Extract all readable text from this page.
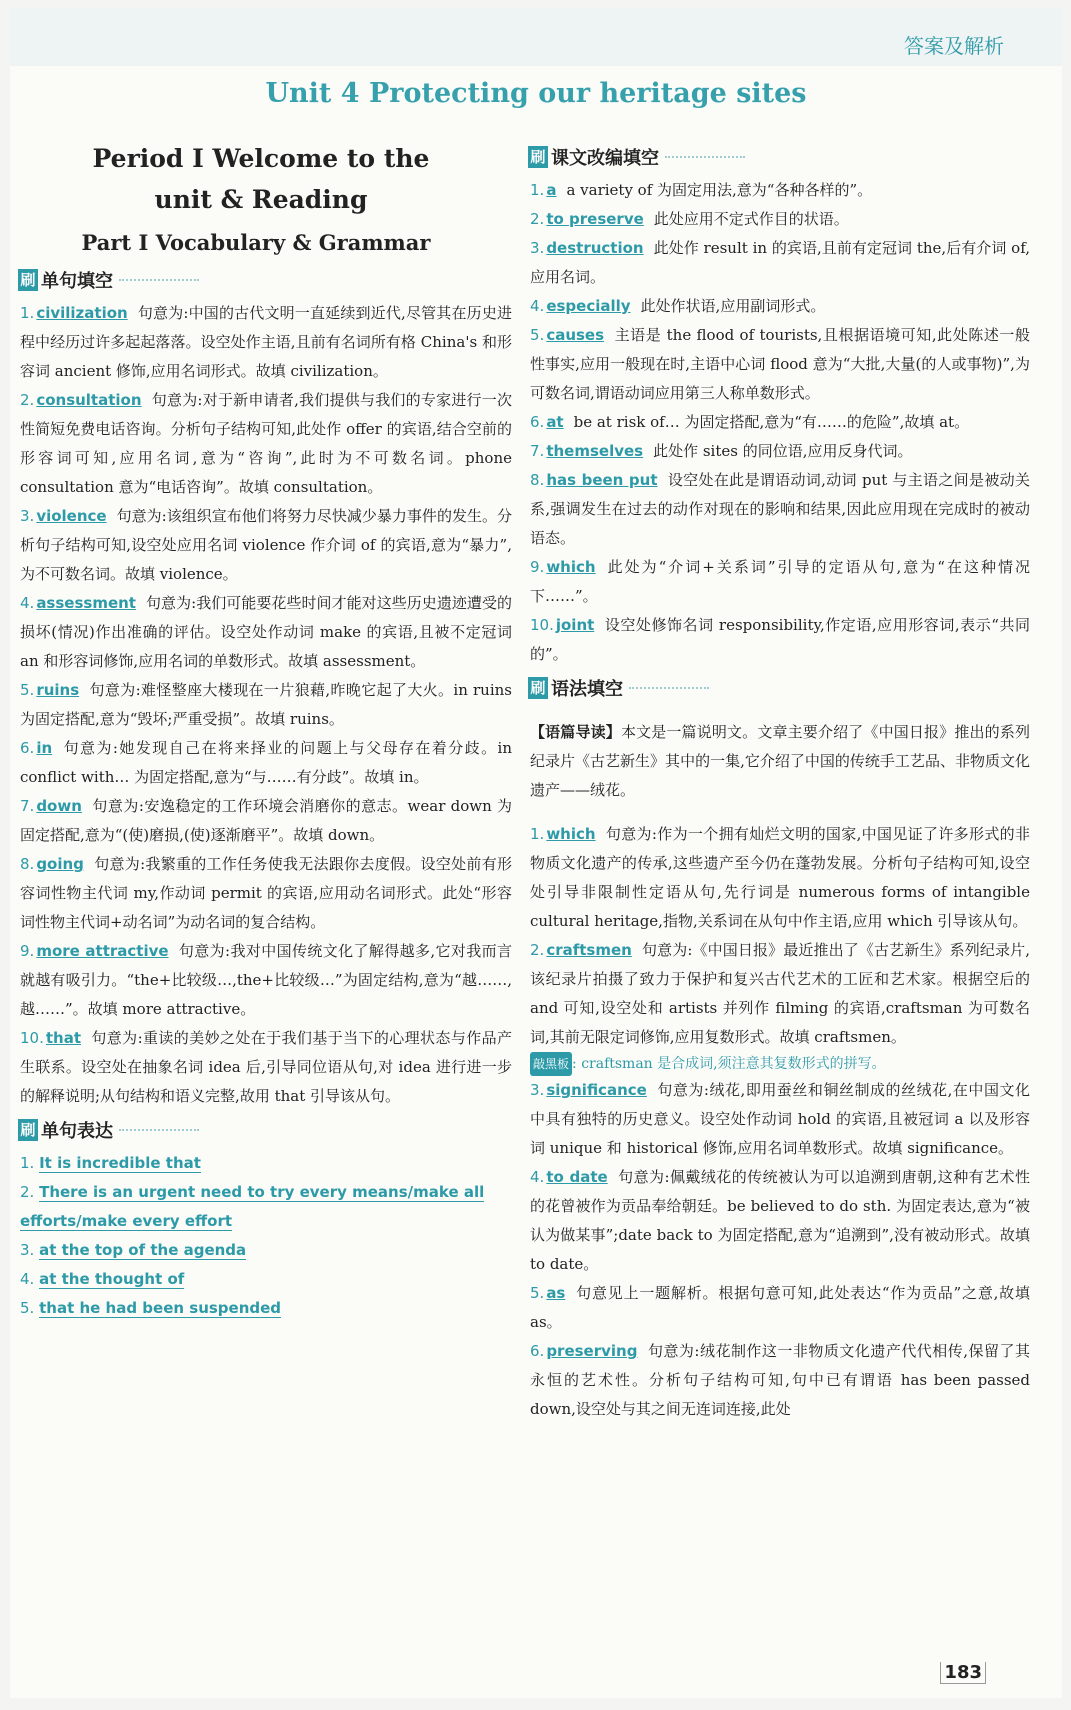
答案及解析
Unit 4 Protecting our heritage sites
Period Ⅰ Welcome to the
unit & Reading
Part Ⅰ Vocabulary & Grammar
刷 单句填空

1. civilization 句意为:中国的古代文明一直延续到近代,尽管其在历史进程中经历过许多起起落落。设空处作主语,且前有名词所有格 China's 和形容词 ancient 修饰,应用名词形式。故填 civilization。

2. consultation 句意为:对于新申请者,我们提供与我们的专家进行一次性简短免费电话咨询。分析句子结构可知,此处作 offer 的宾语,结合空前的形容词可知,应用名词,意为“咨询”,此时为不可数名词。phone consultation 意为“电话咨询”。故填 consultation。

3. violence 句意为:该组织宣布他们将努力尽快减少暴力事件的发生。分析句子结构可知,设空处应用名词 violence 作介词 of 的宾语,意为“暴力”,为不可数名词。故填 violence。

4. assessment 句意为:我们可能要花些时间才能对这些历史遗迹遭受的损坏(情况)作出准确的评估。设空处作动词 make 的宾语,且被不定冠词 an 和形容词修饰,应用名词的单数形式。故填 assessment。

5. ruins 句意为:难怪整座大楼现在一片狼藉,昨晚它起了大火。in ruins 为固定搭配,意为“毁坏;严重受损”。故填 ruins。

6. in 句意为:她发现自己在将来择业的问题上与父母存在着分歧。in conflict with… 为固定搭配,意为“与……有分歧”。故填 in。

7. down 句意为:安逸稳定的工作环境会消磨你的意志。wear down 为固定搭配,意为“(使)磨损,(使)逐渐磨平”。故填 down。

8. going 句意为:我繁重的工作任务使我无法跟你去度假。设空处前有形容词性物主代词 my,作动词 permit 的宾语,应用动名词形式。此处“形容词性物主代词+动名词”为动名词的复合结构。

9. more attractive 句意为:我对中国传统文化了解得越多,它对我而言就越有吸引力。“the+比较级…,the+比较级…”为固定结构,意为“越……,越……”。故填 more attractive。

10. that 句意为:重读的美妙之处在于我们基于当下的心理状态与作品产生联系。设空处在抽象名词 idea 后,引导同位语从句,对 idea 进行进一步的解释说明;从句结构和语义完整,故用 that 引导该从句。

刷 单句表达
1. It is incredible that
2. There is an urgent need to try every means/make all efforts/make every effort
3. at the top of the agenda
4. at the thought of
5. that he had been suspended
刷 课文改编填空

1. a a variety of 为固定用法,意为“各种各样的”。

2. to preserve 此处应用不定式作目的状语。

3. destruction 此处作 result in 的宾语,且前有定冠词 the,后有介词 of,应用名词。

4. especially 此处作状语,应用副词形式。

5. causes 主语是 the flood of tourists,且根据语境可知,此处陈述一般性事实,应用一般现在时,主语中心词 flood 意为“大批,大量(的人或事物)”,为可数名词,谓语动词应用第三人称单数形式。

6. at be at risk of… 为固定搭配,意为“有……的危险”,故填 at。

7. themselves 此处作 sites 的同位语,应用反身代词。

8. has been put 设空处在此是谓语动词,动词 put 与主语之间是被动关系,强调发生在过去的动作对现在的影响和结果,因此应用现在完成时的被动语态。

9. which 此处为“介词+关系词”引导的定语从句,意为“在这种情况下……”。

10. joint 设空处修饰名词 responsibility,作定语,应用形容词,表示“共同的”。

刷 语法填空

【语篇导读】本文是一篇说明文。文章主要介绍了《中国日报》推出的系列纪录片《古艺新生》其中的一集,它介绍了中国的传统手工艺品、非物质文化遗产——绒花。

1. which 句意为:作为一个拥有灿烂文明的国家,中国见证了许多形式的非物质文化遗产的传承,这些遗产至今仍在蓬勃发展。分析句子结构可知,设空处引导非限制性定语从句,先行词是 numerous forms of intangible cultural heritage,指物,关系词在从句中作主语,应用 which 引导该从句。

2. craftsmen 句意为:《中国日报》最近推出了《古艺新生》系列纪录片,该纪录片拍摄了致力于保护和复兴古代艺术的工匠和艺术家。根据空后的 and 可知,设空处和 artists 并列作 filming 的宾语,craftsman 为可数名词,其前无限定词修饰,应用复数形式。故填 craftsmen。

敲黑板 : craftsman 是合成词,须注意其复数形式的拼写。

3. significance 句意为:绒花,即用蚕丝和铜丝制成的丝绒花,在中国文化中具有独特的历史意义。设空处作动词 hold 的宾语,且被冠词 a 以及形容词 unique 和 historical 修饰,应用名词单数形式。故填 significance。

4. to date 句意为:佩戴绒花的传统被认为可以追溯到唐朝,这种有艺术性的花曾被作为贡品奉给朝廷。be believed to do sth. 为固定表达,意为“被认为做某事”;date back to 为固定搭配,意为“追溯到”,没有被动形式。故填 to date。

5. as 句意见上一题解析。根据句意可知,此处表达“作为贡品”之意,故填 as。

6. preserving 句意为:绒花制作这一非物质文化遗产代代相传,保留了其永恒的艺术性。分析句子结构可知,句中已有谓语 has been passed down,设空处与其之间无连词连接,此处

183
